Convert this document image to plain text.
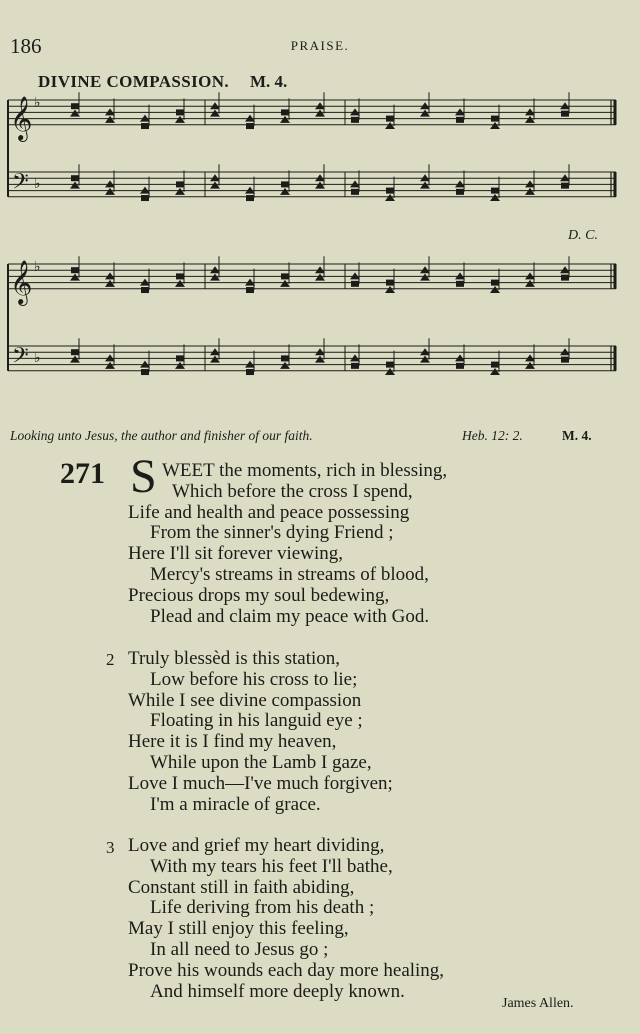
186	PRAISE.
DIVINE COMPASSION. M. 4.
𝄞 ♭
𝄢 ♭
𝄞 ♭
𝄢 ♭
D. C.
Looking unto Jesus, the author and finisher of our faith.	Heb. 12: 2.	M. 4.
271 S WEET the moments, rich in blessing,
Which before the cross I spend,
Life and health and peace possessing
From the sinner's dying Friend ;
Here I'll sit forever viewing,
Mercy's streams in streams of blood,
Precious drops my soul bedewing,
Plead and claim my peace with God.
2 Truly blessèd is this station,
Low before his cross to lie;
While I see divine compassion
Floating in his languid eye ;
Here it is I find my heaven,
While upon the Lamb I gaze,
Love I much—I've much forgiven;
I'm a miracle of grace.
3 Love and grief my heart dividing,
With my tears his feet I'll bathe,
Constant still in faith abiding,
Life deriving from his death ;
May I still enjoy this feeling,
In all need to Jesus go ;
Prove his wounds each day more healing,
And himself more deeply known.
James Allen.
